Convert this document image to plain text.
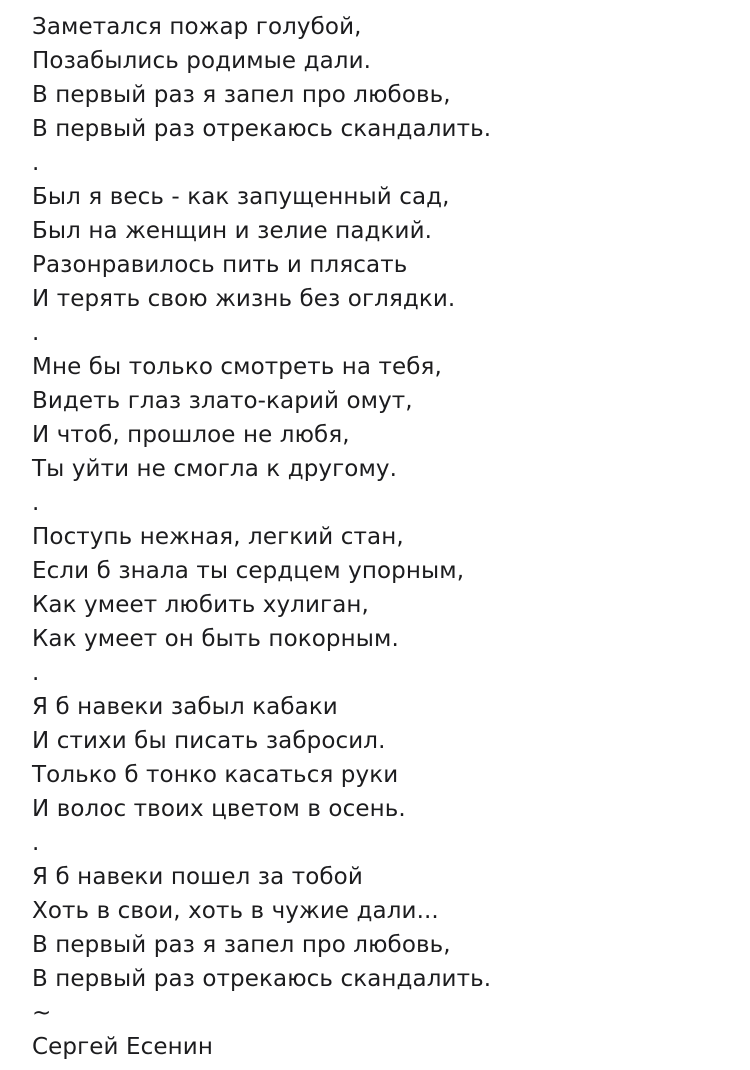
Заметался пожар голубой,
Позабылись родимые дали.
В первый раз я запел про любовь,
В первый раз отрекаюсь скандалить.
.
Был я весь - как запущенный сад,
Был на женщин и зелие падкий.
Разонравилось пить и плясать
И терять свою жизнь без оглядки.
.
Мне бы только смотреть на тебя,
Видеть глаз злато-карий омут,
И чтоб, прошлое не любя,
Ты уйти не смогла к другому.
.
Поступь нежная, легкий стан,
Если б знала ты сердцем упорным,
Как умеет любить хулиган,
Как умеет он быть покорным.
.
Я б навеки забыл кабаки
И стихи бы писать забросил.
Только б тонко касаться руки
И волос твоих цветом в осень.
.
Я б навеки пошел за тобой
Хоть в свои, хоть в чужие дали...
В первый раз я запел про любовь,
В первый раз отрекаюсь скандалить.
~
Сергей Есенин
